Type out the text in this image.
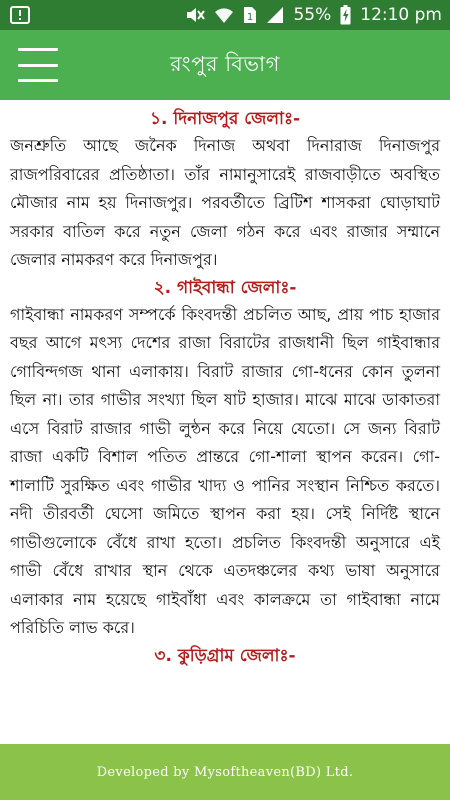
1 55% 12:10 pm
রংপুর বিভাগ
১. দিনাজপুর জেলাঃ-

জনশ্রুতি আছে জনৈক দিনাজ অথবা দিনারাজ দিনাজপুর রাজপরিবারের প্রতিষ্ঠাতা। তাঁর নামানুসারেই রাজবাড়ীতে অবস্থিত মৌজার নাম হয় দিনাজপুর। পরবর্তীতে ব্রিটিশ শাসকরা ঘোড়াঘাট সরকার বাতিল করে নতুন জেলা গঠন করে এবং রাজার সম্মানে জেলার নামকরণ করে দিনাজপুর।

২. গাইবান্ধা জেলাঃ-

গাইবান্ধা নামকরণ সম্পর্কে কিংবদন্তী প্রচলিত আছ, প্রায় পাচ হাজার বছর আগে মৎস্য দেশের রাজা বিরাটের রাজধানী ছিল গাইবান্ধার গোবিন্দগজ থানা এলাকায়। বিরাট রাজার গো-ধনের কোন তুলনা ছিল না। তার গাভীর সংখ্যা ছিল ষাট হাজার। মাঝে মাঝে ডাকাতরা এসে বিরাট রাজার গাভী লুন্ঠন করে নিয়ে যেতো। সে জন্য বিরাট রাজা একটি বিশাল পতিত প্রান্তরে গো-শালা স্থাপন করেন। গো-শালাটি সুরক্ষিত এবং গাভীর খাদ্য ও পানির সংস্থান নিশ্চিত করতে। নদী তীরবর্তী ঘেসো জমিতে স্থাপন করা হয়। সেই নির্দিষ্ট স্থানে গাভীগুলোকে বেঁধে রাখা হতো। প্রচলিত কিংবদন্তী অনুসারে এই গাভী বেঁধে রাখার স্থান থেকে এতদঞ্চলের কথ্য ভাষা অনুসারে এলাকার নাম হয়েছে গাইবাঁধা এবং কালক্রমে তা গাইবান্ধা নামে পরিচিতি লাভ করে।

৩. কুড়িগ্রাম জেলাঃ-

Developed by Mysoftheaven(BD) Ltd.
